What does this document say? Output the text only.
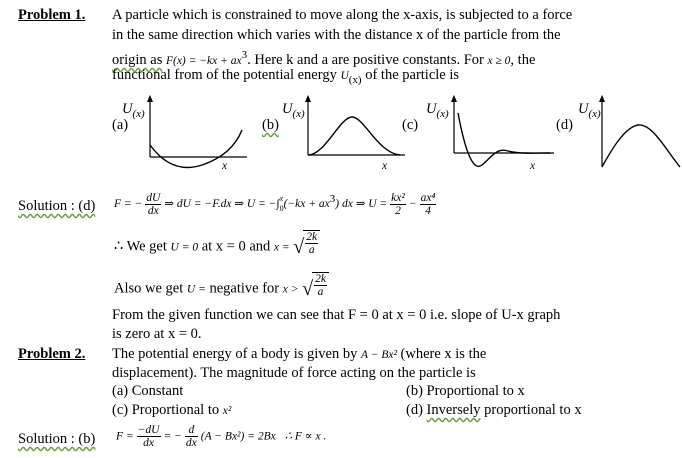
Problem 1. A particle which is constrained to move along the x-axis, is subjected to a force
in the same direction which varies with the distance x of the particle from the
origin as $F(x) = -kx + ax^3$. Here k and a are positive constants. For x ≥ 0, the
functional from of the potential energy $U_{(x)}$ of the particle is
$U_{(x)}$
(a)
x
$U_{(x)}$
(b)
x
$U_{(x)}$
(c)
x
$U_{(x)}$
(d)
Solution : (d) F = − $\frac{dU}{dx}$ ⇒ dU = −F.dx ⇒ U = −∫ x
0 $(-kx + ax^3)$ dx ⇒ $U = \frac{\text{kx²}}{2} - \frac{\text{ax⁴}}{4}$
∴ We get U = 0 at x = 0 and x = √ $\frac{2k}{a}$
Also we get U = negative for x > √ $\frac{2k}{a}$
From the given function we can see that F = 0 at x = 0 i.e. slope of U-x graph
is zero at x = 0.
Problem 2. The potential energy of a body is given by A − Bx² (where x is the
displacement). The magnitude of force acting on the particle is
(a) Constant	(b) Proportional to x
(c) Proportional to x²	(d) Inversely proportional to x
Solution : (b) $F = \frac{-dU}{dx}$ = − $\frac{d}{dx} (A - Bx^2) = 2Bx$ ∴ F ∝ x .
